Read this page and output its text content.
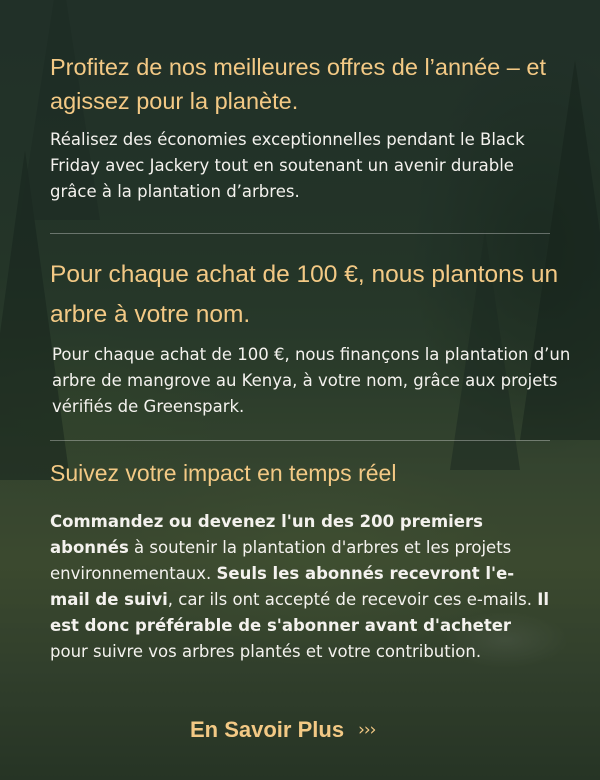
Profitez de nos meilleures offres de l’année – et agissez pour la planète.

Réalisez des économies exceptionnelles pendant le Black Friday avec Jackery tout en soutenant un avenir durable grâce à la plantation d’arbres.

Pour chaque achat de 100 €, nous plantons un arbre à votre nom.

Pour chaque achat de 100 €, nous finançons la plantation d’un arbre de mangrove au Kenya, à votre nom, grâce aux projets vérifiés de Greenspark.

Suivez votre impact en temps réel

Commandez ou devenez l'un des 200 premiers abonnés à soutenir la plantation d'arbres et les projets environnementaux. Seuls les abonnés recevront l'e-mail de suivi, car ils ont accepté de recevoir ces e-mails. Il est donc préférable de s'abonner avant d'acheter pour suivre vos arbres plantés et votre contribution.

En Savoir Plus ›››
